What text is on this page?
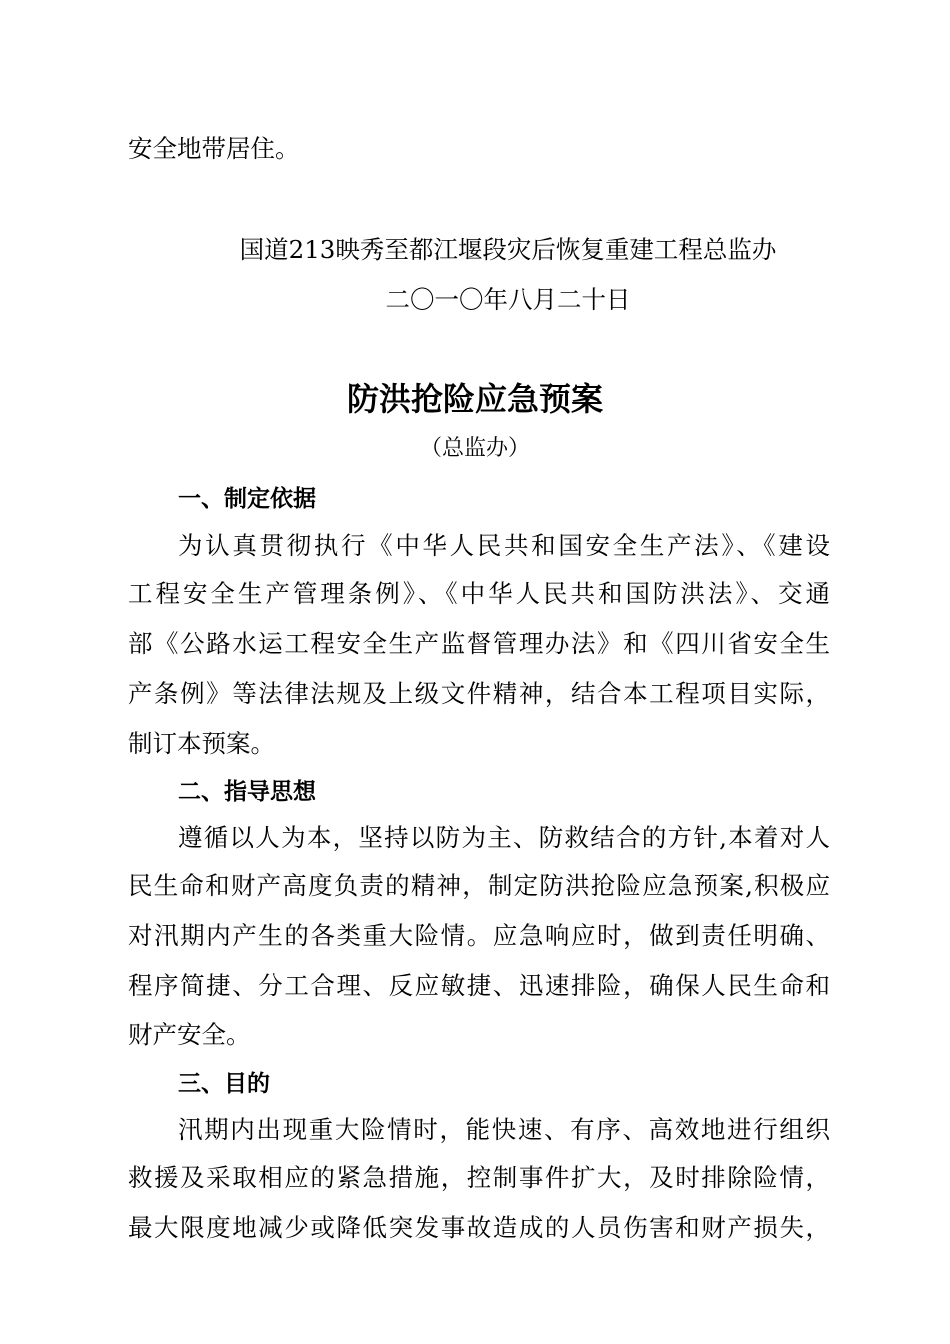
安全地带居住。
国道213映秀至都江堰段灾后恢复重建工程总监办
二〇一〇年八月二十日
防洪抢险应急预案
（总监办）
一、制定依据
为认真贯彻执行《中华人民共和国安全生产法》、《建设
工程安全生产管理条例》、《中华人民共和国防洪法》、交通
部《公路水运工程安全生产监督管理办法》和《四川省安全生
产条例》等法律法规及上级文件精神，结合本工程项目实际，
制订本预案。
二、指导思想
遵循以人为本，坚持以防为主、防救结合的方针,本着对人
民生命和财产高度负责的精神，制定防洪抢险应急预案,积极应
对汛期内产生的各类重大险情。应急响应时，做到责任明确、
程序简捷、分工合理、反应敏捷、迅速排险，确保人民生命和
财产安全。
三、目的
汛期内出现重大险情时，能快速、有序、高效地进行组织
救援及采取相应的紧急措施，控制事件扩大，及时排除险情，
最大限度地减少或降低突发事故造成的人员伤害和财产损失，
